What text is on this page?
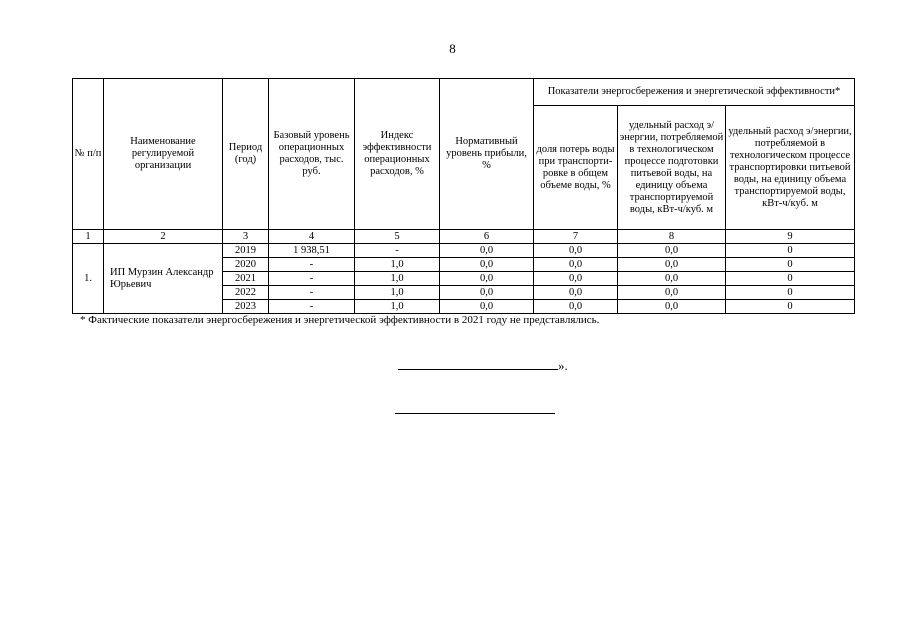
8
№ п/п	Наименование регулируемой организации	Период (год)	Базовый уровень операционных расходов, тыс. руб.	Индекс эффективности операционных расходов, %	Нормативный уровень прибыли, %	Показатели энергосбережения и энергетической эффективности*		
						доля потерь воды при транспорти-ровке в общем объеме воды, %	удельный расход э/энергии, потребляемой в технологическом процессе подготовки питьевой воды, на единицу объема транспортируемой воды, кВт-ч/куб. м	удельный расход э/энергии, потребляемой в технологическом процессе транспортировки питьевой воды, на единицу объема транспортируемой воды, кВт-ч/куб. м
1	2	3	4	5	6	7	8	9
1.	ИП Мурзин Александр Юрьевич	2019	1 938,51	-	0,0	0,0	0,0	0
		2020	-	1,0	0,0	0,0	0,0	0
		2021	-	1,0	0,0	0,0	0,0	0
		2022	-	1,0	0,0	0,0	0,0	0
		2023	-	1,0	0,0	0,0	0,0	0
* Фактические показатели энергосбережения и энергетической эффективности в 2021 году не представлялись.
».
